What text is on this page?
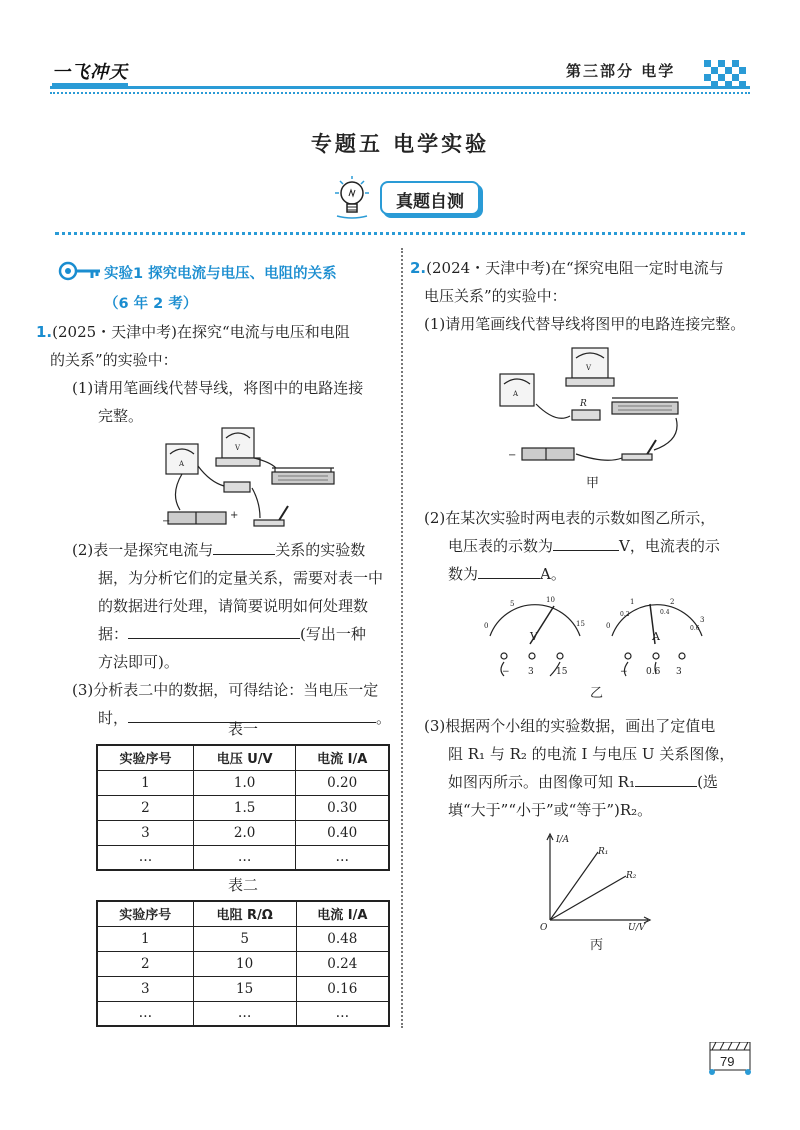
一飞冲天	第三部分 电学
专题五 电学实验
真题自测
实验1 探究电流与电压、电阻的关系
（6 年 2 考）
1.(2025・天津中考)在探究“电流与电压和电阻
的关系”的实验中：
(1)请用笔画线代替导线，将图中的电路连接
完整。
A
V
−
+
(2)表一是探究电流与	关系的实验数
据，为分析它们的定量关系，需要对表一中
的数据进行处理，请简要说明如何处理数
据：	(写出一种
方法即可)。
(3)分析表二中的数据，可得结论：当电压一定
时，	。
表一
实验序号	电压 U/V	电流 I/A
1	1.0	0.20
2	1.5	0.30
3	2.0	0.40
…	…	…
表二
实验序号	电阻 R/Ω	电流 I/A
1	5	0.48
2	10	0.24
3	15	0.16
…	…	…
2.(2024・天津中考)在“探究电阻一定时电流与
电压关系”的实验中：
(1)请用笔画线代替导线将图甲的电路连接完整。
A
V
R
−
甲
(2)在某次实验时两电表的示数如图乙所示，
电压表的示数为	V，电流表的示
数为	A。
0
5	10
15
V
− 3 15
0
0.2	0.4
0.6
1	2
3
A
− 0.6 3
乙
(3)根据两个小组的实验数据，画出了定值电
阻 R₁ 与 R₂ 的电流 I 与电压 U 关系图像，
如图丙所示。由图像可知 R₁	(选
填“大于”“小于”或“等于”)R₂。
I/A
U/V
O
R₁
R₂
丙
79
